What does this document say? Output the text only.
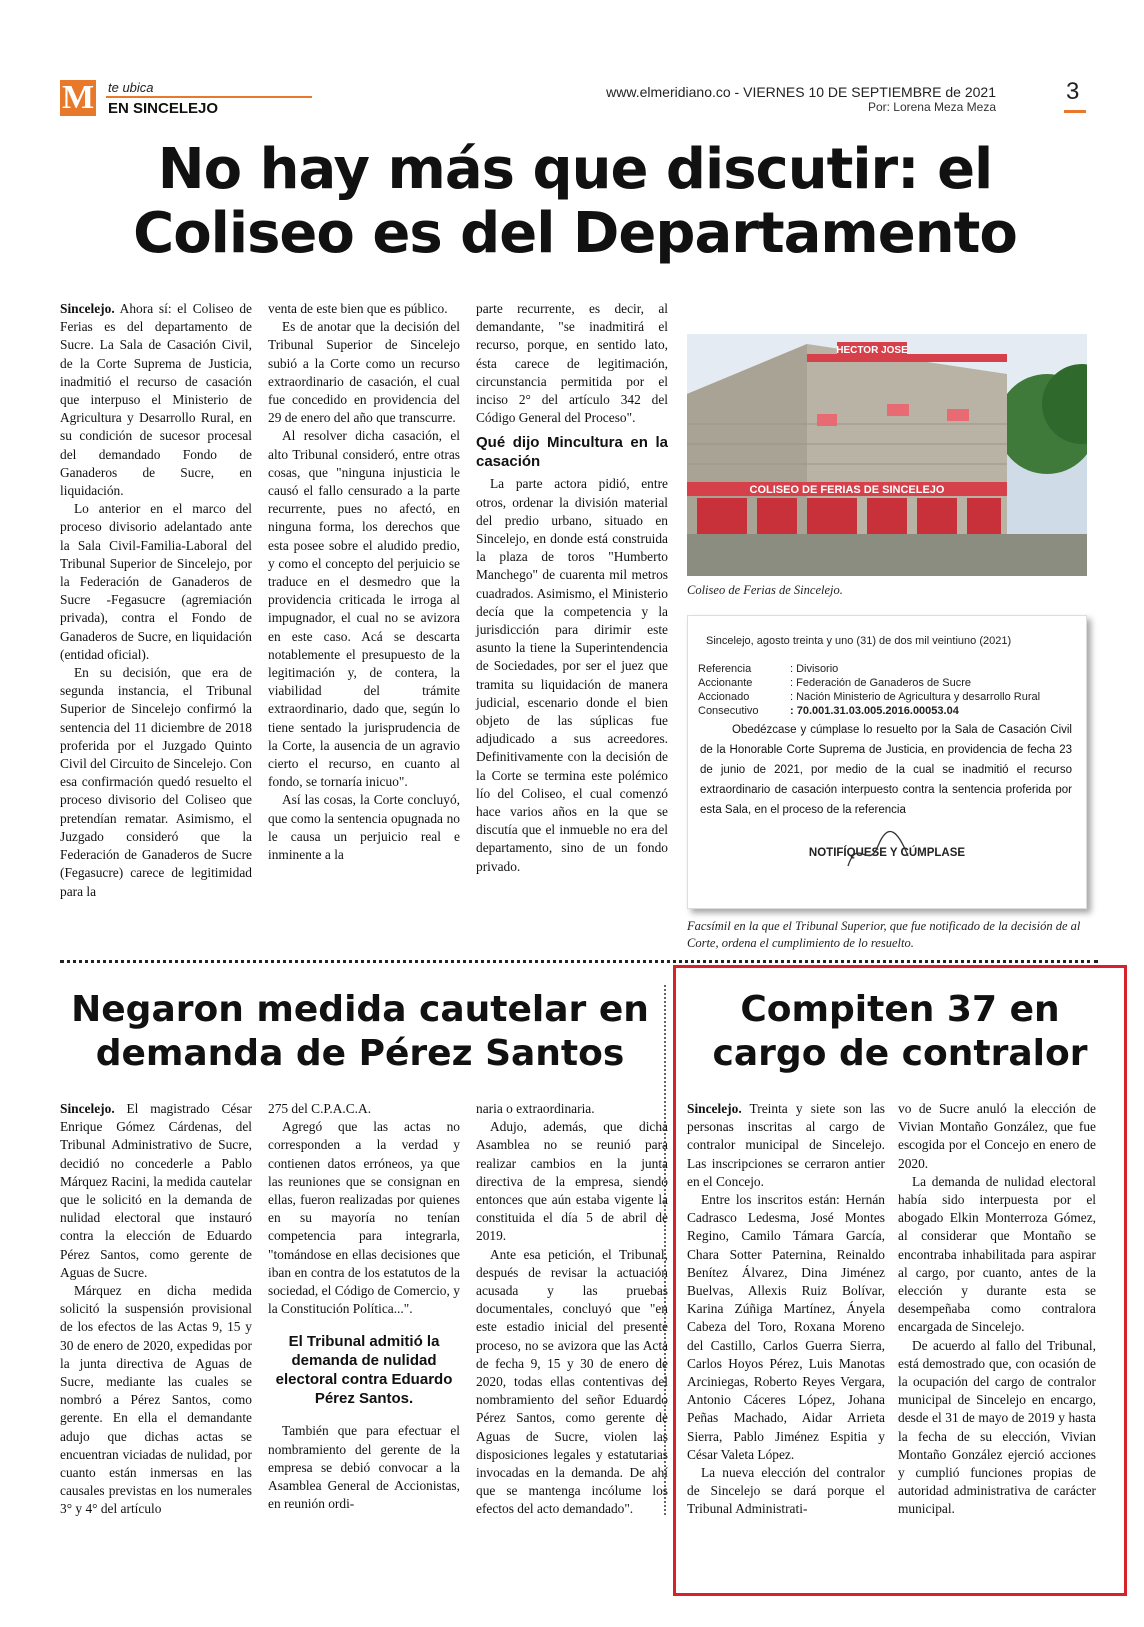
M te ubica
EN SINCELEJO
www.elmeridiano.co - VIERNES 10 DE SEPTIEMBRE de 2021
Por: Lorena Meza Meza
3
No hay más que discutir: el
Coliseo es del Departamento

Sincelejo. Ahora sí: el Coliseo de Ferias es del departamento de Sucre. La Sala de Casación Civil, de la Corte Suprema de Justicia, inadmitió el recurso de casación que interpuso el Ministerio de Agricultura y Desarrollo Rural, en su condición de sucesor procesal del demandado Fondo de Ganaderos de Sucre, en liquidación.

Lo anterior en el marco del proceso divisorio adelantado ante la Sala Civil-Familia-Laboral del Tribunal Superior de Sincelejo, por la Federación de Ganaderos de Sucre -Fegasucre (agremiación privada), contra el Fondo de Ganaderos de Sucre, en liquidación (entidad oficial).

En su decisión, que era de segunda instancia, el Tribunal Superior de Sincelejo confirmó la sentencia del 11 diciembre de 2018 proferida por el Juzgado Quinto Civil del Circuito de Sincelejo. Con esa confirmación quedó resuelto el proceso divisorio del Coliseo que pretendían rematar. Asimismo, el Juzgado consideró que la Federación de Ganaderos de Sucre (Fegasucre) carece de legitimidad para la

venta de este bien que es público.

Es de anotar que la decisión del Tribunal Superior de Sincelejo subió a la Corte como un recurso extraordinario de casación, el cual fue concedido en providencia del 29 de enero del año que transcurre.

Al resolver dicha casación, el alto Tribunal consideró, entre otras cosas, que "ninguna injusticia le causó el fallo censurado a la parte recurrente, pues no afectó, en ninguna forma, los derechos que esta posee sobre el aludido predio, y como el concepto del perjuicio se traduce en el desmedro que la providencia criticada le irroga al impugnador, el cual no se avizora en este caso. Acá se descarta notablemente el presupuesto de la legitimación y, de contera, la viabilidad del trámite extraordinario, dado que, según lo tiene sentado la jurisprudencia de la Corte, la ausencia de un agravio cierto el recurso, en cuanto al fondo, se tornaría inicuo".

Así las cosas, la Corte concluyó, que como la sentencia opugnada no le causa un perjuicio real e inminente a la

parte recurrente, es decir, al demandante, "se inadmitirá el recurso, porque, en sentido lato, ésta carece de legitimación, circunstancia permitida por el inciso 2° del artículo 342 del Código General del Proceso".

Qué dijo Mincultura en la casación

La parte actora pidió, entre otros, ordenar la división material del predio urbano, situado en Sincelejo, en donde está construida la plaza de toros "Humberto Manchego" de cuarenta mil metros cuadrados. Asimismo, el Ministerio decía que la competencia y la jurisdicción para dirimir este asunto la tiene la Superintendencia de Sociedades, por ser el juez que tramita su liquidación de manera judicial, escenario donde el bien objeto de las súplicas fue adjudicado a sus acreedores. Definitivamente con la decisión de la Corte se termina este polémico lío del Coliseo, el cual comenzó hace varios años en la que se discutía que el inmueble no era del departamento, sino de un fondo privado.

HECTOR JOSE
COLISEO DE FERIAS DE SINCELEJO
Coliseo de Ferias de Sincelejo.
Sincelejo, agosto treinta y uno (31) de dos mil veintiuno (2021)
Referencia	: Divisorio
Accionante	: Federación de Ganaderos de Sucre
Accionado	: Nación Ministerio de Agricultura y desarrollo Rural
Consecutivo	: 70.001.31.03.005.2016.00053.04
Obedézcase y cúmplase lo resuelto por la Sala de Casación Civil de la Honorable Corte Suprema de Justicia, en providencia de fecha 23 de junio de 2021, por medio de la cual se inadmitió el recurso extraordinario de casación interpuesto contra la sentencia proferida por esta Sala, en el proceso de la referencia
NOTIFÍQUESE Y CÚMPLASE
Facsímil en la que el Tribunal Superior, que fue notificado de la decisión de al Corte, ordena el cumplimiento de lo resuelto.
Negaron medida cautelar en
demanda de Pérez Santos

Sincelejo. El magistrado César Enrique Gómez Cárdenas, del Tribunal Administrativo de Sucre, decidió no concederle a Pablo Márquez Racini, la medida cautelar que le solicitó en la demanda de nulidad electoral que instauró contra la elección de Eduardo Pérez Santos, como gerente de Aguas de Sucre.

Márquez en dicha medida solicitó la suspensión provisional de los efectos de las Actas 9, 15 y 30 de enero de 2020, expedidas por la junta directiva de Aguas de Sucre, mediante las cuales se nombró a Pérez Santos, como gerente. En ella el demandante adujo que dichas actas se encuentran viciadas de nulidad, por cuanto están inmersas en las causales previstas en los numerales 3° y 4° del artículo

275 del C.P.A.C.A.

Agregó que las actas no corresponden a la verdad y contienen datos erróneos, ya que las reuniones que se consignan en ellas, fueron realizadas por quienes en su mayoría no tenían competencia para integrarla, "tomándose en ellas decisiones que iban en contra de los estatutos de la sociedad, el Código de Comercio, y la Constitución Política...".

El Tribunal admitió la demanda de nulidad electoral contra Eduardo Pérez Santos.

También que para efectuar el nombramiento del gerente de la empresa se debió convocar a la Asamblea General de Accionistas, en reunión ordi-

naria o extraordinaria.

Adujo, además, que dicha Asamblea no se reunió para realizar cambios en la junta directiva de la empresa, siendo entonces que aún estaba vigente la constituida el día 5 de abril de 2019.

Ante esa petición, el Tribunal, después de revisar la actuación acusada y las pruebas documentales, concluyó que "en este estadio inicial del presente proceso, no se avizora que las Acta de fecha 9, 15 y 30 de enero de 2020, todas ellas contentivas del nombramiento del señor Eduardo Pérez Santos, como gerente de Aguas de Sucre, violen las disposiciones legales y estatutarias invocadas en la demanda. De ahí que se mantenga incólume los efectos del acto demandado".

Compiten 37 en
cargo de contralor

Sincelejo. Treinta y siete son las personas inscritas al cargo de contralor municipal de Sincelejo. Las inscripciones se cerraron antier en el Concejo.

Entre los inscritos están: Hernán Cadrasco Ledesma, José Montes Regino, Camilo Támara García, Chara Sotter Paternina, Reinaldo Benítez Álvarez, Dina Jiménez Buelvas, Allexis Ruiz Bolívar, Karina Zúñiga Martínez, Ányela Cabeza del Toro, Roxana Moreno del Castillo, Carlos Guerra Sierra, Carlos Hoyos Pérez, Luis Manotas Arciniegas, Roberto Reyes Vergara, Antonio Cáceres López, Johana Peñas Machado, Aidar Arrieta Sierra, Pablo Jiménez Espitia y César Valeta López.

La nueva elección del contralor de Sincelejo se dará porque el Tribunal Administrati-

vo de Sucre anuló la elección de Vivian Montaño González, que fue escogida por el Concejo en enero de 2020.

La demanda de nulidad electoral había sido interpuesta por el abogado Elkin Monterroza Gómez, al considerar que Montaño se encontraba inhabilitada para aspirar al cargo, por cuanto, antes de la elección y durante esta se desempeñaba como contralora encargada de Sincelejo.

De acuerdo al fallo del Tribunal, está demostrado que, con ocasión de la ocupación del cargo de contralor municipal de Sincelejo en encargo, desde el 31 de mayo de 2019 y hasta la fecha de su elección, Vivian Montaño González ejerció acciones y cumplió funciones propias de autoridad administrativa de carácter municipal.
